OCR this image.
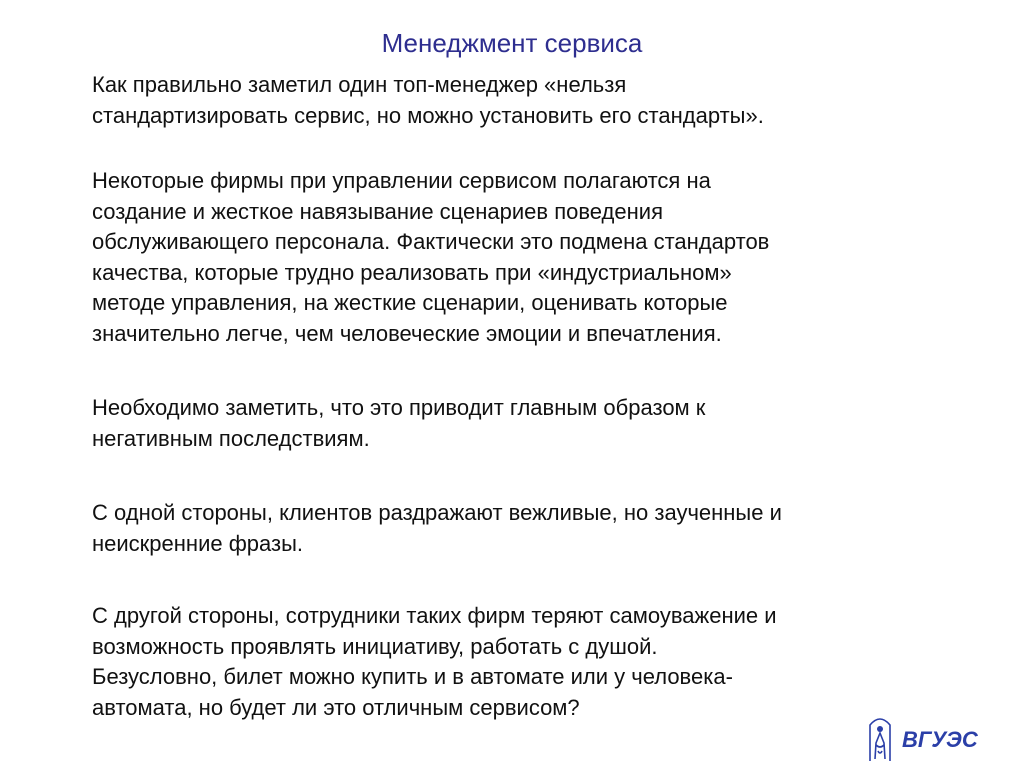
Менеджмент сервиса

Как правильно заметил один топ-менеджер «нельзя
стандартизировать сервис, но можно установить его стандарты».

Некоторые фирмы при управлении сервисом полагаются на
создание и жесткое навязывание сценариев поведения
обслуживающего персонала. Фактически это подмена стандартов
качества, которые трудно реализовать при «индустриальном»
методе управления, на жесткие сценарии, оценивать которые
значительно легче, чем человеческие эмоции и впечатления.

Необходимо заметить, что это приводит главным образом к
негативным последствиям.

С одной стороны, клиентов раздражают вежливые, но заученные и
неискренние фразы.

С другой стороны, сотрудники таких фирм теряют самоуважение и
возможность проявлять инициативу, работать с душой.
Безусловно, билет можно купить и в автомате или у человека-
автомата, но будет ли это отличным сервисом?

ВГУЭС
